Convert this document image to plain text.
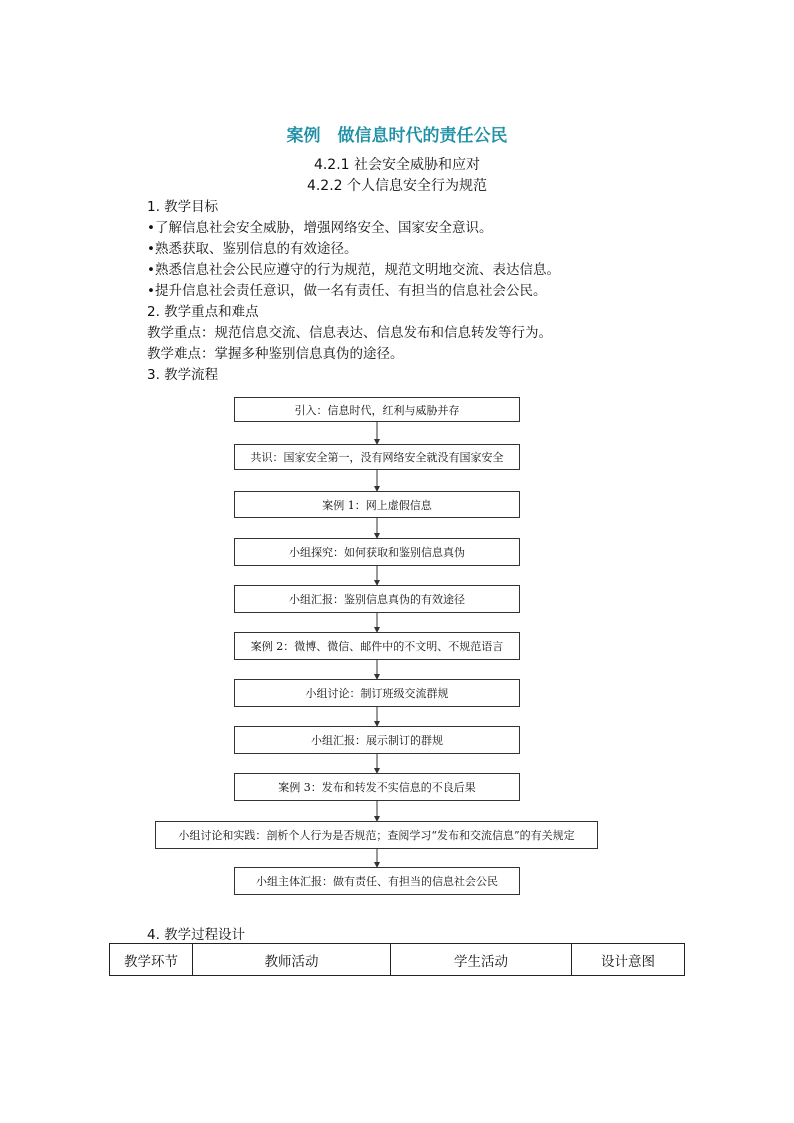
案例　做信息时代的责任公民
4.2.1 社会安全威胁和应对
4.2.2 个人信息安全行为规范
1. 教学目标
•了解信息社会安全威胁，增强网络安全、国家安全意识。
•熟悉获取、鉴别信息的有效途径。
•熟悉信息社会公民应遵守的行为规范，规范文明地交流、表达信息。
•提升信息社会责任意识，做一名有责任、有担当的信息社会公民。
2. 教学重点和难点
教学重点：规范信息交流、信息表达、信息发布和信息转发等行为。
教学难点：掌握多种鉴别信息真伪的途径。
3. 教学流程
引入：信息时代，红利与威胁并存
共识：国家安全第一，没有网络安全就没有国家安全
案例 1：网上虚假信息
小组探究：如何获取和鉴别信息真伪
小组汇报：鉴别信息真伪的有效途径
案例 2：微博、微信、邮件中的不文明、不规范语言
小组讨论：制订班级交流群规
小组汇报：展示制订的群规
案例 3：发布和转发不实信息的不良后果
小组讨论和实践：剖析个人行为是否规范；查阅学习“发布和交流信息”的有关规定
小组主体汇报：做有责任、有担当的信息社会公民
4. 教学过程设计
教学环节	教师活动	学生活动	设计意图
